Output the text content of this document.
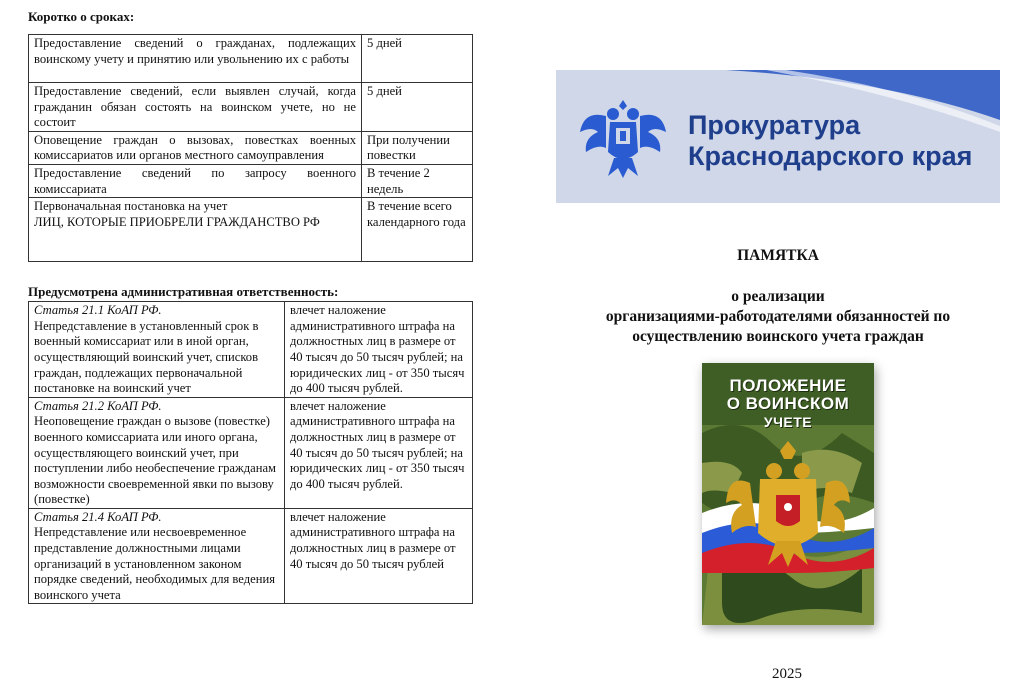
Коротко о сроках:

Предоставление сведений о гражданах, подлежащих воинскому учету и принятию или увольнению их с работы	5 дней
Предоставление сведений, если выявлен случай, когда гражданин обязан состоять на воинском учете, но не состоит	5 дней
Оповещение граждан о вызовах, повестках военных комиссариатов или органов местного самоуправления	При получении повестки
Предоставление сведений по запросу военного комиссариата	В течение 2 недель

Первоначальная постановка на учет
ЛИЦ, КОТОРЫЕ ПРИОБРЕЛИ ГРАЖДАНСТВО РФ	В течение всего календарного года

Предусмотрена административная ответственность:

Статья 21.1 КоАП РФ.
Непредставление в установленный срок в военный комиссариат или в иной орган, осуществляющий воинский учет, списков граждан, подлежащих первоначальной постановке на воинский учет	влечет наложение административного штрафа на должностных лиц в размере от 40 тысяч до 50 тысяч рублей; на юридических лиц - от 350 тысяч до 400 тысяч рублей.

Статья 21.2 КоАП РФ.
Неоповещение граждан о вызове (повестке) военного комиссариата или иного органа, осуществляющего воинский учет, при поступлении либо необеспечение гражданам возможности своевременной явки по вызову (повестке)	влечет наложение административного штрафа на должностных лиц в размере от 40 тысяч до 50 тысяч рублей; на юридических лиц - от 350 тысяч до 400 тысяч рублей.

Статья 21.4 КоАП РФ.
Непредставление или несвоевременное представление должностными лицами организаций в установленном законом порядке сведений, необходимых для ведения воинского учета	влечет наложение административного штрафа на должностных лиц в размере от 40 тысяч до 50 тысяч рублей
Прокуратура
Краснодарского края
ПАМЯТКА
о реализации
организациями-работодателями обязанностей по
осуществлению воинского учета граждан
ПОЛОЖЕНИЕ
О ВОИНСКОМ
УЧЕТЕ
2025
